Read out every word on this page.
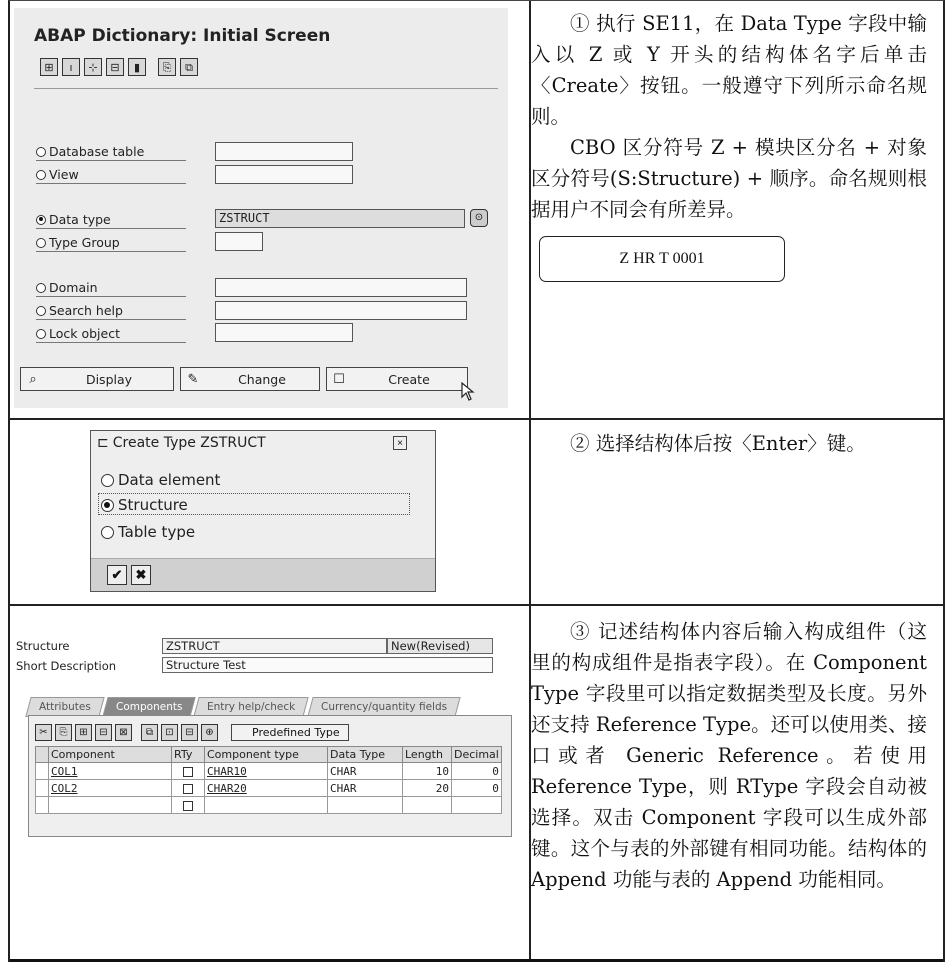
ABAP Dictionary: Initial Screen
⊞	ı	⊹	⊟	▮	⎘	⧉
Database table
View
Data type	ZSTRUCT	⊙
Type Group
Domain
Search help
Lock object
⌕	Display	✎	Change	☐	Create

① 执行 SE11，在 Data Type 字段中输入以 Z 或 Y 开头的结构体名字后单击〈Create〉按钮。一般遵守下列所示命名规则。

CBO 区分符号 Z + 模块区分名 + 对象区分符号(S:Structure) + 顺序。命名规则根据用户不同会有所差异。

Z HR T 0001
⊏ Create Type ZSTRUCT	×
Data element
Structure
Table type
✔	✖

② 选择结构体后按〈Enter〉键。

Structure	ZSTRUCT	New(Revised)
Short Description	Structure Test
Attributes	Components	Entry help/check	Currency/quantity fields
✂	⎘	⊞	⊟	⊠	⧉	⊡	⊟	⊕	Predefined Type
	Component	RTy	Component type	Data Type	Length	Decimal
	COL1		CHAR10	CHAR	10	0
	COL2		CHAR20	CHAR	20	0

③ 记述结构体内容后输入构成组件（这里的构成组件是指表字段）。在 Component Type 字段里可以指定数据类型及长度。另外还支持 Reference Type。还可以使用类、接口或者 Generic Reference。若使用 Reference Type，则 RType 字段会自动被选择。双击 Component 字段可以生成外部键。这个与表的外部键有相同功能。结构体的 Append 功能与表的 Append 功能相同。
